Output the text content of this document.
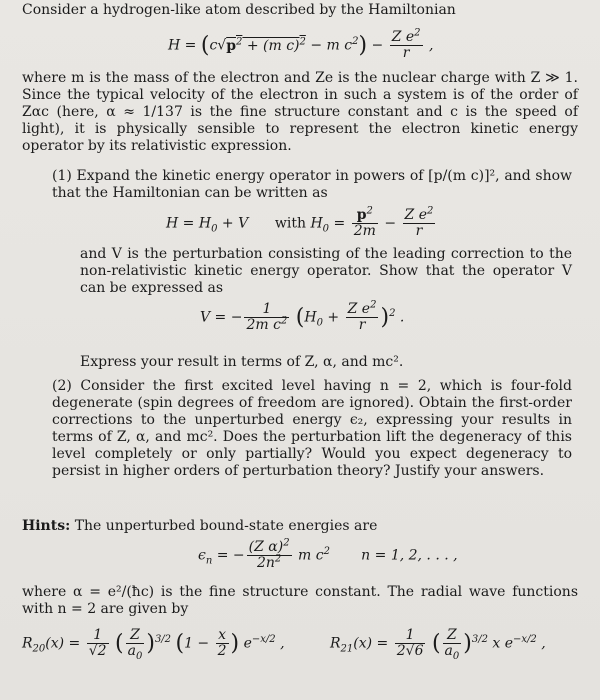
Consider a hydrogen-like atom described by the Hamiltonian

$H = (c√p^2 + (m$ c)$^2$ − m $c^2) - \frac{Z e^2}{r}$ ,

where m is the mass of the electron and Ze is the nuclear charge with Z ≫ 1. Since the typical velocity of the electron in such a system is of the order of Zαc (here, α ≈ 1/137 is the fine structure constant and c is the speed of light), it is physically sensible to represent the electron kinetic energy operator by its relativistic expression.

(1) Expand the kinetic energy operator in powers of [p/(m c)]², and show that the Hamiltonian can be written as

$H = H_0 + V$      with $H_0 = \frac{p^2}{2m} - \frac{Z e^2}{r}$

and V is the perturbation consisting of the leading correction to the non-relativistic kinetic energy operator. Show that the operator V can be expressed as

V = − $\frac{1}{2m c^2} (H_0 + \frac{Z e^2}{r} )^2$ .

Express your result in terms of Z, α, and mc².

(2) Consider the first excited level having n = 2, which is four-fold degenerate (spin degrees of freedom are ignored). Obtain the first-order corrections to the unperturbed energy ϵ₂, expressing your results in terms of Z, α, and mc². Does the perturbation lift the degeneracy of this level completely or only partially? Would you expect degeneracy to persist in higher orders of perturbation theory? Justify your answers.

Hints: The unperturbed bound-state energies are

$\epsilon_n$ = − $\frac{(Z \alpha)^2}{2n^2}$ m $c^2$ n = 1, 2, . . . ,

where α = e²/(ħc) is the fine structure constant. The radial wave functions with n = 2 are given by

$R_{20}(x) = \frac{1}{√2}$ ( $\frac{Z}{a_0} )^{3/2}$ ($1 - \frac{x}{2}$ ) $e^{-x/2}$ ,	$R_{21}(x) = \frac{1}{2√6}$ ( $\frac{Z}{a_0} )^{3/2}$ x $e^{-x/2}$ ,
